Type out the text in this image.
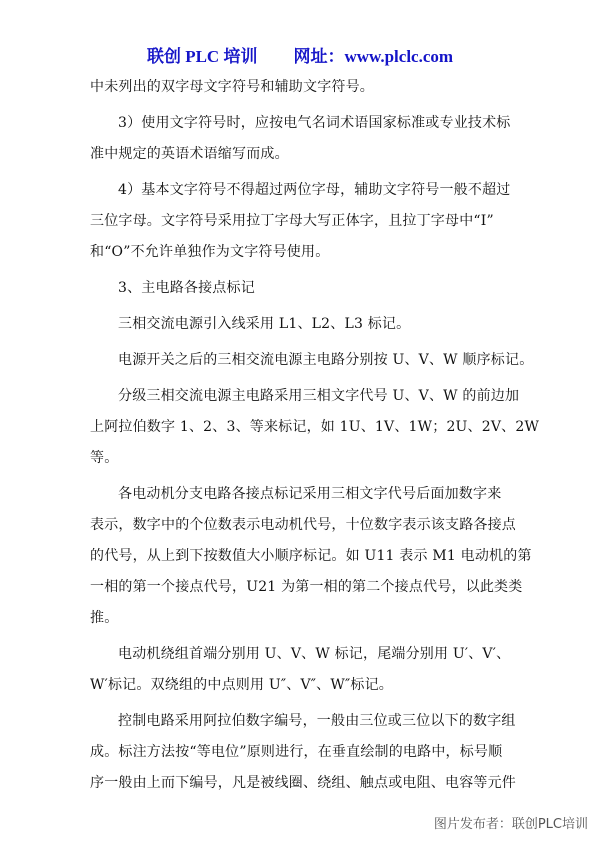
联创 PLC 培训 网址：www.plclc.com

中未列出的双字母文字符号和辅助文字符号。

3）使用文字符号时，应按电气名词术语国家标准或专业技术标
准中规定的英语术语缩写而成。

4）基本文字符号不得超过两位字母，辅助文字符号一般不超过
三位字母。文字符号采用拉丁字母大写正体字，且拉丁字母中“I”
和“O”不允许单独作为文字符号使用。

3、主电路各接点标记

三相交流电源引入线采用 L1、L2、L3 标记。

电源开关之后的三相交流电源主电路分别按 U、V、W 顺序标记。

分级三相交流电源主电路采用三相文字代号 U、V、W 的前边加
上阿拉伯数字 1、2、3、等来标记，如 1U、1V、1W；2U、2V、2W
等。

各电动机分支电路各接点标记采用三相文字代号后面加数字来
表示，数字中的个位数表示电动机代号，十位数字表示该支路各接点
的代号，从上到下按数值大小顺序标记。如 U11 表示 M1 电动机的第
一相的第一个接点代号，U21 为第一相的第二个接点代号，以此类类
推。

电动机绕组首端分别用 U、V、W 标记，尾端分别用 U′、V′、
W′标记。双绕组的中点则用 U″、V″、W″标记。

控制电路采用阿拉伯数字编号，一般由三位或三位以下的数字组
成。标注方法按“等电位”原则进行，在垂直绘制的电路中，标号顺
序一般由上而下编号，凡是被线圈、绕组、触点或电阻、电容等元件

图片发布者：联创PLC培训
